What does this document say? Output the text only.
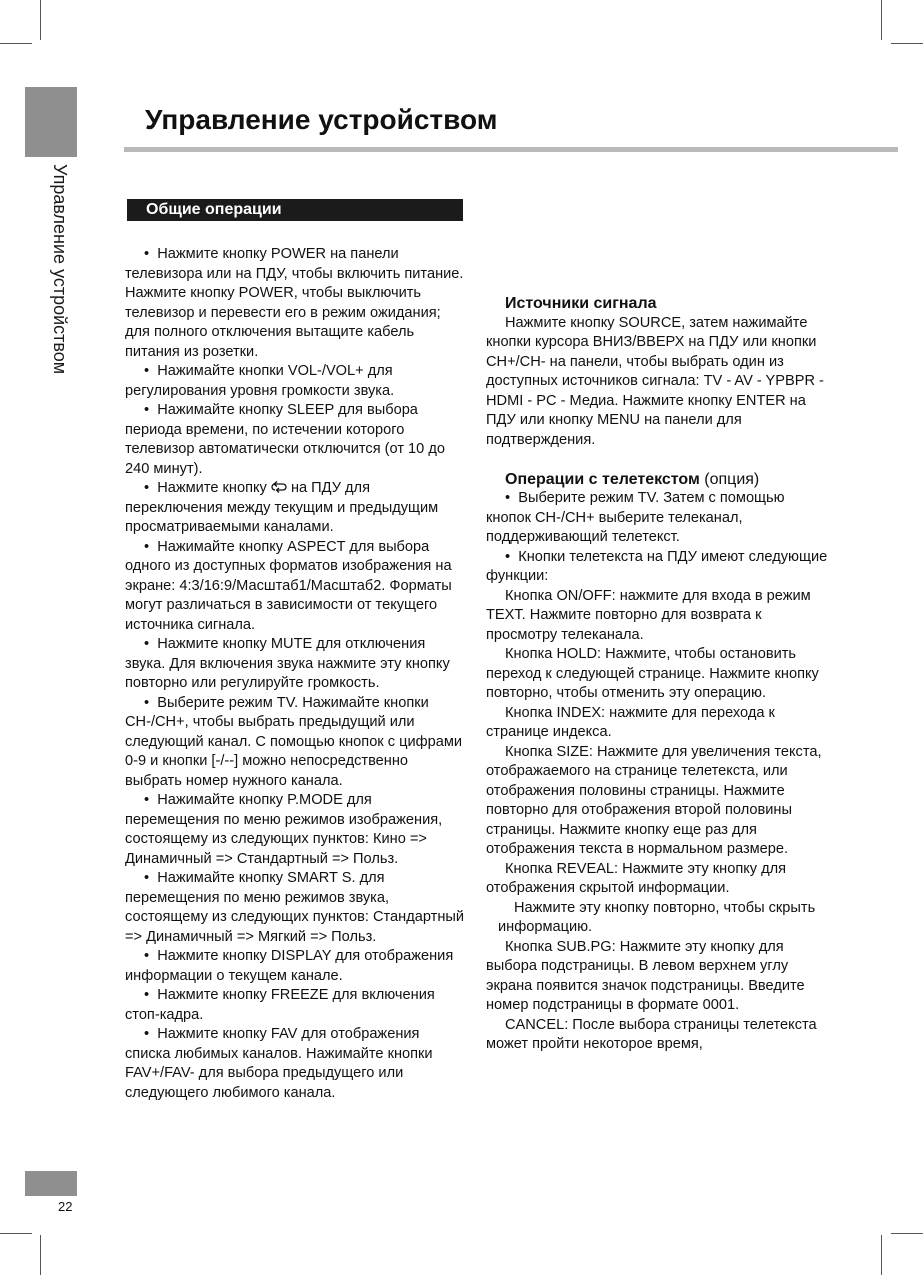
Управление устройством
Управление устройством
Общие операции

•  Нажмите кнопку POWER на панели телевизора или на ПДУ, чтобы включить питание. Нажмите кнопку POWER, чтобы выключить телевизор и перевести его в режим ожидания; для полного отключения вытащите кабель питания из розетки.

•  Нажимайте кнопки VOL-/VOL+ для регулирования уровня громкости звука.

•  Нажимайте кнопку SLEEP для выбора периода времени, по истечении которого телевизор автоматически отключится (от 10 до 240 минут).

•  Нажмите кнопку на ПДУ для переключения между текущим и предыдущим просматриваемыми каналами.

•  Нажимайте кнопку ASPECT для выбора одного из доступных форматов изображения на экране: 4:3/16:9/Масштаб1/Масштаб2. Форматы могут различаться в зависимости от текущего источника сигнала.

•  Нажмите кнопку MUTE для отключения звука. Для включения звука нажмите эту кнопку повторно или регулируйте громкость.

•  Выберите режим TV. Нажимайте кнопки CH-/CH+, чтобы выбрать предыдущий или следующий канал. С помощью кнопок с цифрами 0-9 и кнопки [-/--] можно непосредственно выбрать номер нужного канала.

•  Нажимайте кнопку P.MODE для перемещения по меню режимов изображения, состоящему из следующих пунктов: Кино => Динамичный => Стандартный => Польз.

•  Нажимайте кнопку SMART S. для перемещения по меню режимов звука, состоящему из следующих пунктов: Стандартный => Динамичный => Мягкий => Польз.

•  Нажмите кнопку DISPLAY для отображения информации о текущем канале.

•  Нажмите кнопку FREEZE для включения стоп-кадра.

•  Нажмите кнопку FAV для отображения списка любимых каналов. Нажимайте кнопки FAV+/FAV- для выбора предыдущего или следующего любимого канала.

Источники сигнала

Нажмите кнопку SOURCE, затем нажимайте кнопки курсора ВНИЗ/ВВЕРХ на ПДУ или кнопки CH+/CH- на панели, чтобы выбрать один из доступных источников сигнала: TV - AV - YPBPR - HDMI - PC - Медиа. Нажмите кнопку ENTER на ПДУ или кнопку MENU на панели для подтверждения.

Операции с телетекстом (опция)

•  Выберите режим TV. Затем с помощью кнопок CH-/CH+ выберите телеканал, поддерживающий телетекст.

•  Кнопки телетекста на ПДУ имеют следующие функции:

Кнопка ON/OFF: нажмите для входа в режим TEXT. Нажмите повторно для возврата к просмотру телеканала.

Кнопка HOLD: Нажмите, чтобы остановить переход к следующей странице. Нажмите кнопку повторно, чтобы отменить эту операцию.

Кнопка INDEX: нажмите для перехода к странице индекса.

Кнопка SIZE: Нажмите для увеличения текста, отображаемого на странице телетекста, или отображения половины страницы. Нажмите повторно для отображения второй половины страницы. Нажмите кнопку еще раз для отображения текста в нормальном размере.

Кнопка REVEAL: Нажмите эту кнопку для отображения скрытой информации.

Нажмите эту кнопку повторно, чтобы скрыть информацию.

Кнопка SUB.PG: Нажмите эту кнопку для выбора подстраницы. В левом верхнем углу экрана появится значок подстраницы. Введите номер подстраницы в формате 0001.

CANCEL: После выбора страницы телетекста может пройти некоторое время,

22
